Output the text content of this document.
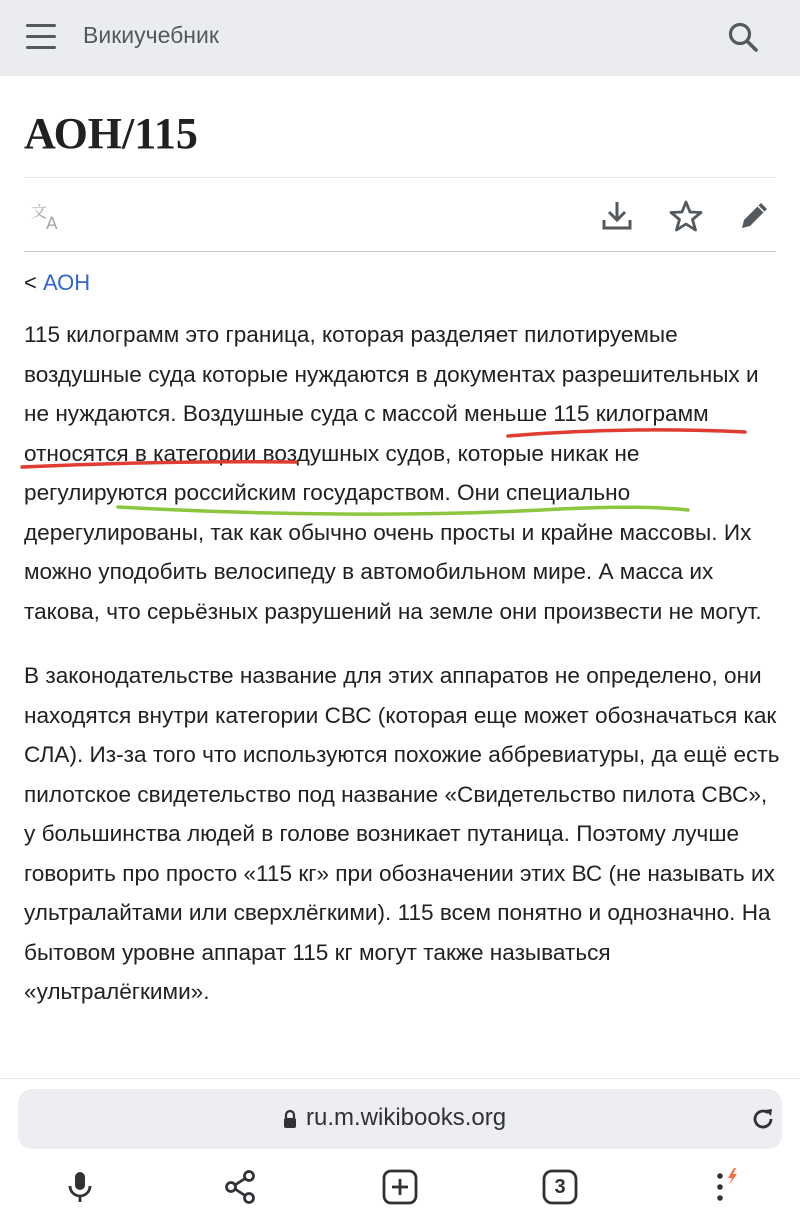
Викиучебник
АОН/115
文
A
< АОН

115 килограмм это граница, которая разделяет пилотируемые воздушные суда которые нуждаются в документах разрешительных и не нуждаются. Воздушные суда с массой меньше 115 килограмм относятся в категории воздушных судов, которые никак не регулируются российским государством. Они специально дерегулированы, так как обычно очень просты и крайне массовы. Их можно уподобить велосипеду в автомобильном мире. А масса их такова, что серьёзных разрушений на земле они произвести не могут.

В законодательстве название для этих аппаратов не определено, они находятся внутри категории СВС (которая еще может обозначаться как СЛА). Из-за того что используются похожие аббревиатуры, да ещё есть пилотское свидетельство под название «Свидетельство пилота СВС», у большинства людей в голове возникает путаница. Поэтому лучше говорить про просто «115 кг» при обозначении этих ВС (не называть их ультралайтами или сверхлёгкими). 115 всем понятно и однозначно. На бытовом уровне аппарат 115 кг могут также называться «ультралёгкими».

ru.m.wikibooks.org
3
